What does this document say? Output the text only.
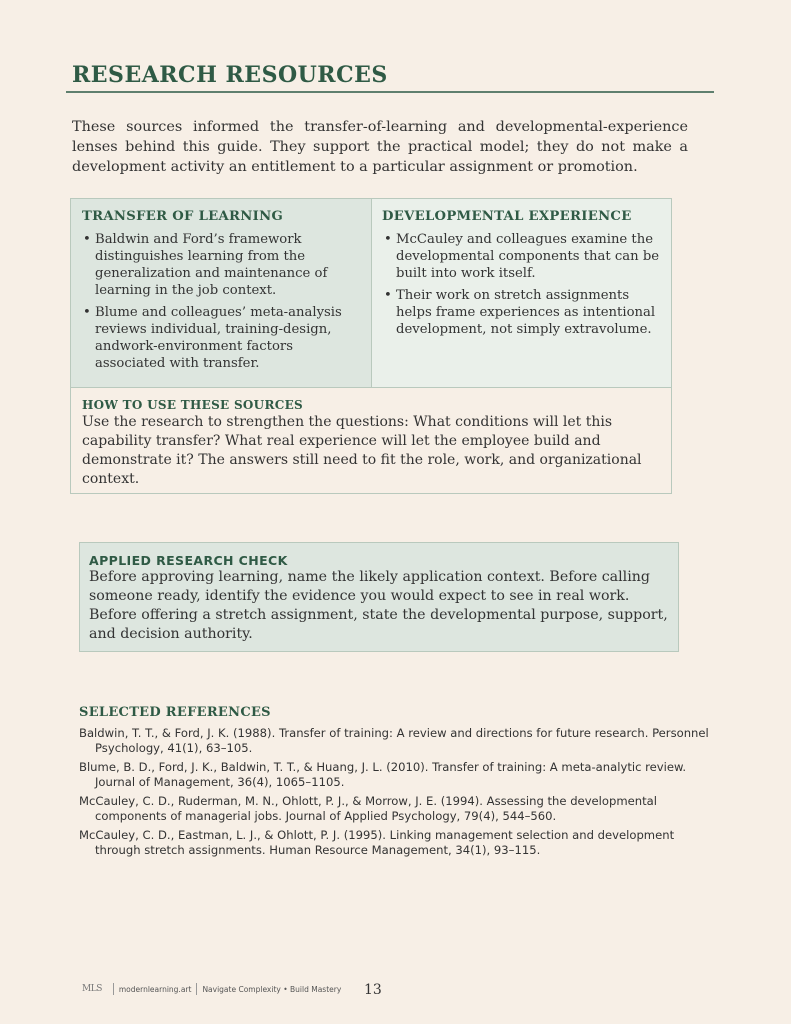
RESEARCH RESOURCES

These sources informed the transfer-of-learning and developmental-experience lenses behind this guide. They support the practical model; they do not make a development activity an entitlement to a particular assignment or promotion.

TRANSFER OF LEARNING
• Baldwin and Ford’s framework distinguishes learning from the generalization and maintenance of learning in the job context.
• Blume and colleagues’ meta-analysis reviews individual, training-design, andwork-environment factors associated with transfer.
DEVELOPMENTAL EXPERIENCE
• McCauley and colleagues examine the developmental components that can be built into work itself.
• Their work on stretch assignments helps frame experiences as intentional development, not simply extravolume.
HOW TO USE THESE SOURCES

Use the research to strengthen the questions: What conditions will let this capability transfer? What real experience will let the employee build and demonstrate it? The answers still need to fit the role, work, and organizational context.

APPLIED RESEARCH CHECK

Before approving learning, name the likely application context. Before calling someone ready, identify the evidence you would expect to see in real work. Before offering a stretch assignment, state the developmental purpose, support, and decision authority.

SELECTED REFERENCES
Baldwin, T. T., & Ford, J. K. (1988). Transfer of training: A review and directions for future research. Personnel Psychology, 41(1), 63–105.
Blume, B. D., Ford, J. K., Baldwin, T. T., & Huang, J. L. (2010). Transfer of training: A meta-analytic review. Journal of Management, 36(4), 1065–1105.
McCauley, C. D., Ruderman, M. N., Ohlott, P. J., & Morrow, J. E. (1994). Assessing the developmental components of managerial jobs. Journal of Applied Psychology, 79(4), 544–560.
McCauley, C. D., Eastman, L. J., & Ohlott, P. J. (1995). Linking management selection and development through stretch assignments. Human Resource Management, 34(1), 93–115.
MLS modernlearning.art Navigate Complexity • Build Mastery 13
